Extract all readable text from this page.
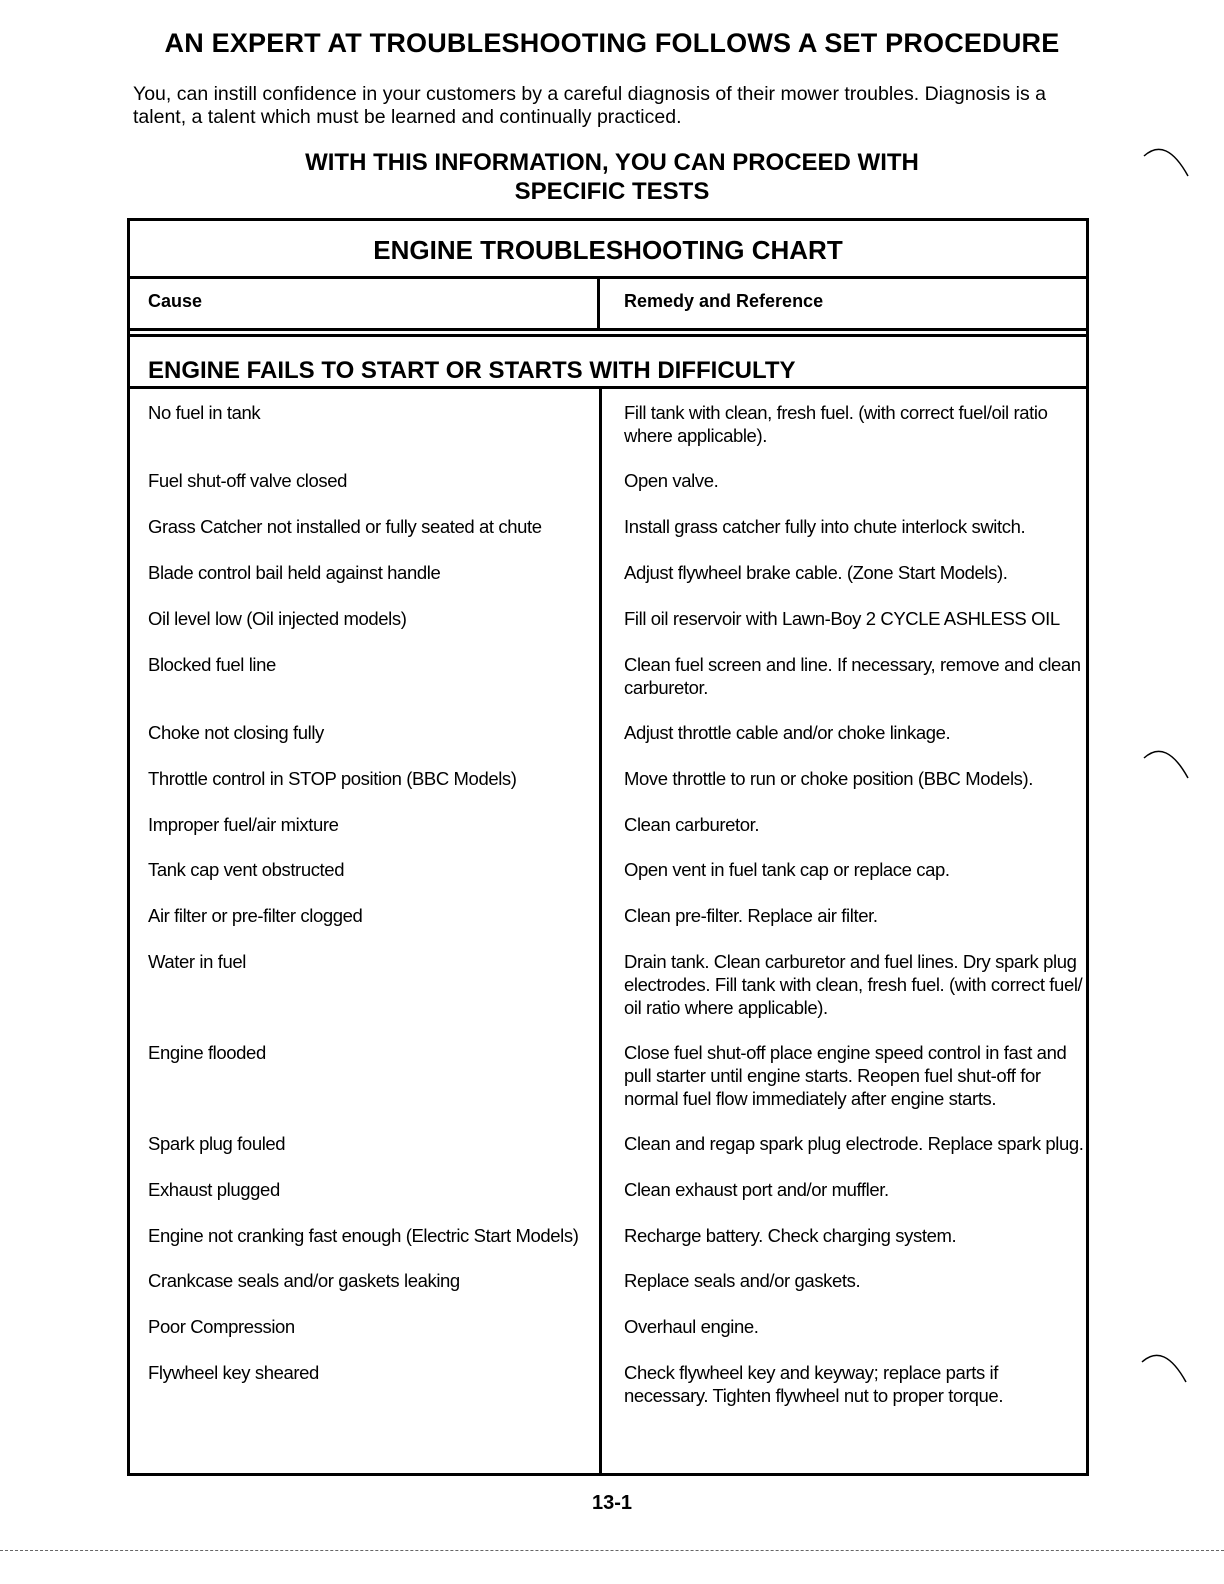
AN EXPERT AT TROUBLESHOOTING FOLLOWS A SET PROCEDURE
You, can instill confidence in your customers by a careful diagnosis of their mower troubles. Diagnosis is a talent, a talent which must be learned and continually practiced.
WITH THIS INFORMATION, YOU CAN PROCEED WITH
SPECIFIC TESTS
ENGINE TROUBLESHOOTING CHART
Cause	Remedy and Reference
ENGINE FAILS TO START OR STARTS WITH DIFFICULTY
No fuel in tank	Fill tank with clean, fresh fuel. (with correct fuel/oil ratio where applicable).
Fuel shut-off valve closed	Open valve.
Grass Catcher not installed or fully seated at chute	Install grass catcher fully into chute interlock switch.
Blade control bail held against handle	Adjust flywheel brake cable. (Zone Start Models).
Oil level low (Oil injected models)	Fill oil reservoir with Lawn-Boy 2 CYCLE ASHLESS OIL
Blocked fuel line	Clean fuel screen and line. If necessary, remove and clean carburetor.
Choke not closing fully	Adjust throttle cable and/or choke linkage.
Throttle control in STOP position (BBC Models)	Move throttle to run or choke position (BBC Models).
Improper fuel/air mixture	Clean carburetor.
Tank cap vent obstructed	Open vent in fuel tank cap or replace cap.
Air filter or pre-filter clogged	Clean pre-filter. Replace air filter.
Water in fuel	Drain tank. Clean carburetor and fuel lines. Dry spark plug electrodes. Fill tank with clean, fresh fuel. (with correct fuel/ oil ratio where applicable).
Engine flooded	Close fuel shut-off place engine speed control in fast and pull starter until engine starts. Reopen fuel shut-off for normal fuel flow immediately after engine starts.
Spark plug fouled	Clean and regap spark plug electrode. Replace spark plug.
Exhaust plugged	Clean exhaust port and/or muffler.
Engine not cranking fast enough (Electric Start Models)	Recharge battery. Check charging system.
Crankcase seals and/or gaskets leaking	Replace seals and/or gaskets.
Poor Compression	Overhaul engine.
Flywheel key sheared	Check flywheel key and keyway; replace parts if necessary. Tighten flywheel nut to proper torque.
13-1
